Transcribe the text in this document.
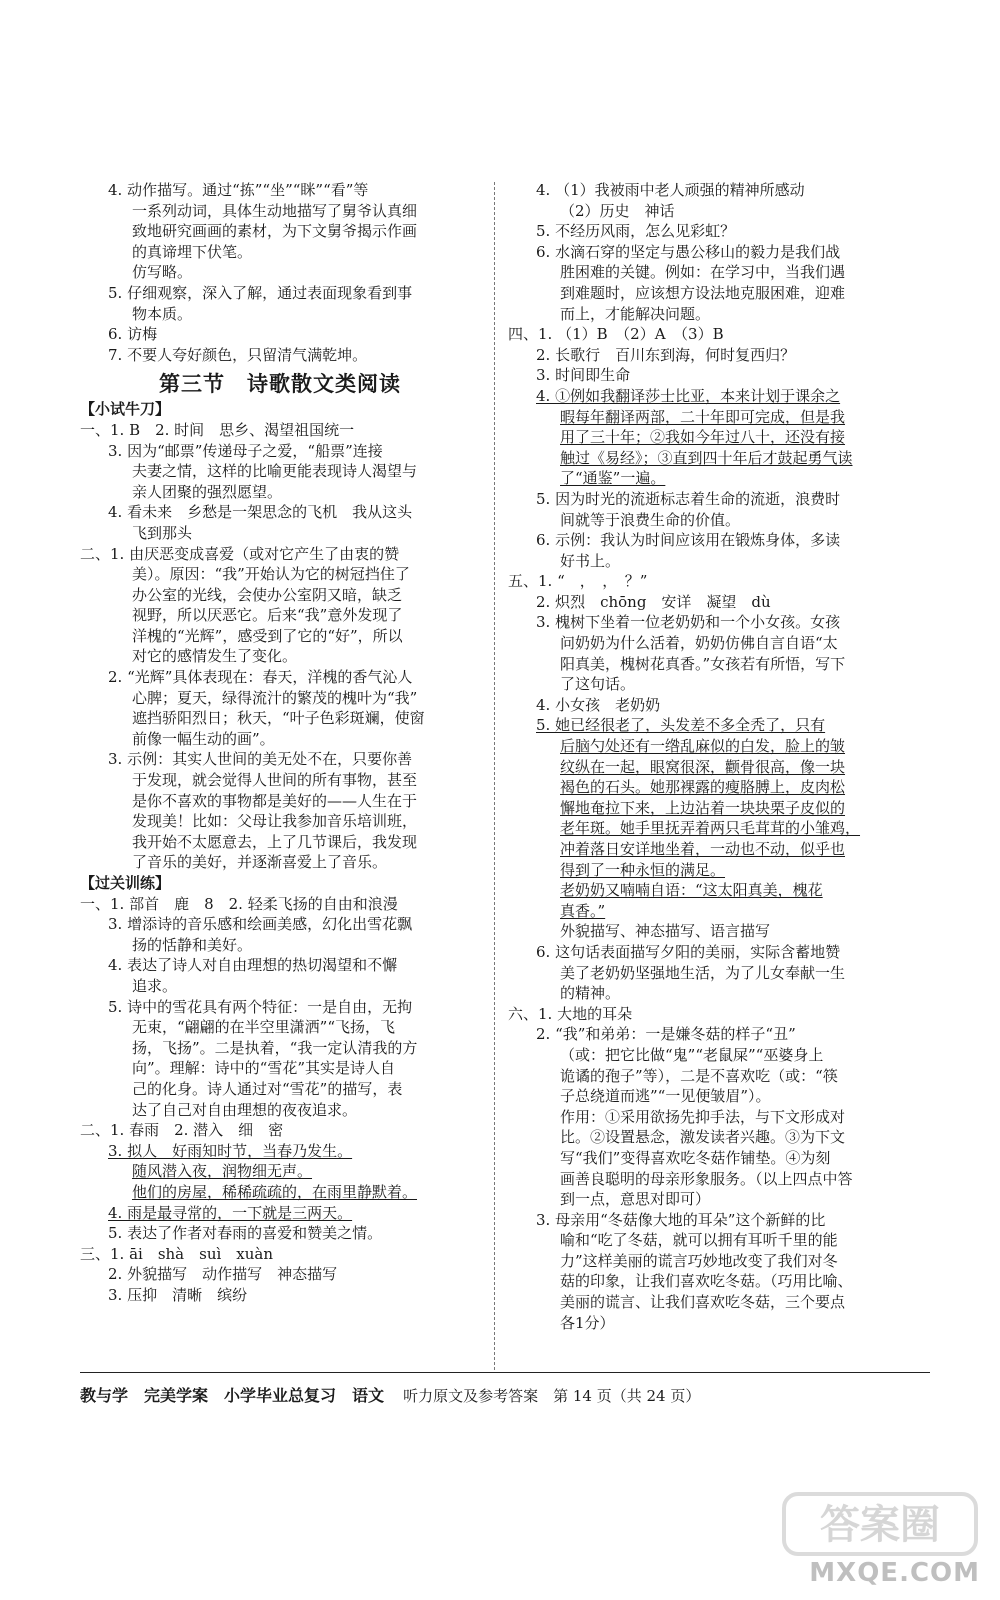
4. 动作描写。通过“拣”“坐”“眯”“看”等
一系列动词，具体生动地描写了舅爷认真细
致地研究画画的素材，为下文舅爷揭示作画
的真谛埋下伏笔。
仿写略。
5. 仔细观察，深入了解，通过表面现象看到事
物本质。
6. 访梅
7. 不要人夸好颜色，只留清气满乾坤。
第三节　诗歌散文类阅读
【小试牛刀】
一、1. B　2. 时间　思乡、渴望祖国统一
3. 因为“邮票”传递母子之爱，“船票”连接
夫妻之情，这样的比喻更能表现诗人渴望与
亲人团聚的强烈愿望。
4. 看未来　乡愁是一架思念的飞机　我从这头
飞到那头
二、1. 由厌恶变成喜爱（或对它产生了由衷的赞
美）。原因：“我”开始认为它的树冠挡住了
办公室的光线，会使办公室阴又暗，缺乏
视野，所以厌恶它。后来“我”意外发现了
洋槐的“光辉”，感受到了它的“好”，所以
对它的感情发生了变化。
2. “光辉”具体表现在：春天，洋槐的香气沁人
心脾；夏天，绿得流汁的繁茂的槐叶为“我”
遮挡骄阳烈日；秋天，“叶子色彩斑斓，使窗
前像一幅生动的画”。
3. 示例：其实人世间的美无处不在，只要你善
于发现，就会觉得人世间的所有事物，甚至
是你不喜欢的事物都是美好的——人生在于
发现美！比如：父母让我参加音乐培训班，
我开始不太愿意去，上了几节课后，我发现
了音乐的美好，并逐渐喜爱上了音乐。
【过关训练】
一、1. 部首　鹿　8　2. 轻柔飞扬的自由和浪漫
3. 增添诗的音乐感和绘画美感，幻化出雪花飘
扬的恬静和美好。
4. 表达了诗人对自由理想的热切渴望和不懈
追求。
5. 诗中的雪花具有两个特征：一是自由，无拘
无束，“翩翩的在半空里潇洒”“飞扬，飞
扬，飞扬”。二是执着，“我一定认清我的方
向”。理解：诗中的“雪花”其实是诗人自
己的化身。诗人通过对“雪花”的描写，表
达了自己对自由理想的夜夜追求。
二、1. 春雨　2. 潜入　细　密
3. 拟人　好雨知时节，当春乃发生。
随风潜入夜，润物细无声。
他们的房屋，稀稀疏疏的，在雨里静默着。
4. 雨是最寻常的，一下就是三两天。
5. 表达了作者对春雨的喜爱和赞美之情。
三、1. āi　shà　suì　xuàn
2. 外貌描写　动作描写　神态描写
3. 压抑　清晰　缤纷
4. （1）我被雨中老人顽强的精神所感动
（2）历史　神话
5. 不经历风雨，怎么见彩虹？
6. 水滴石穿的坚定与愚公移山的毅力是我们战
胜困难的关键。例如：在学习中，当我们遇
到难题时，应该想方设法地克服困难，迎难
而上，才能解决问题。
四、1. （1）B　（2）A　（3）B
2. 长歌行　百川东到海，何时复西归？
3. 时间即生命
4. ①例如我翻译莎士比亚，本来计划于课余之
暇每年翻译两部，二十年即可完成，但是我
用了三十年；②我如今年过八十，还没有接
触过《易经》；③直到四十年后才鼓起勇气读
了“通鉴”一遍。
5. 因为时光的流逝标志着生命的流逝，浪费时
间就等于浪费生命的价值。
6. 示例：我认为时间应该用在锻炼身体，多读
好书上。
五、1. “　，　，　？”
2. 炽烈　chōng　安详　凝望　dù
3. 槐树下坐着一位老奶奶和一个小女孩。女孩
问奶奶为什么活着，奶奶仿佛自言自语“太
阳真美，槐树花真香。”女孩若有所悟，写下
了这句话。
4. 小女孩　老奶奶
5. 她已经很老了，头发差不多全秃了，只有
后脑勺处还有一绺乱麻似的白发，脸上的皱
纹纵在一起，眼窝很深，颧骨很高，像一块
褐色的石头。她那裸露的瘦胳膊上，皮肉松
懈地奄拉下来，上边沾着一块块栗子皮似的
老年斑。她手里抚弄着两只毛茸茸的小雏鸡，
冲着落日安详地坐着，一动也不动，似乎也
得到了一种永恒的满足。
老奶奶又喃喃自语：“这太阳真美，槐花
真香。”
外貌描写、神态描写、语言描写
6. 这句话表面描写夕阳的美丽，实际含蓄地赞
美了老奶奶坚强地生活，为了儿女奉献一生
的精神。
六、1. 大地的耳朵
2. “我”和弟弟：一是嫌冬菇的样子“丑”
（或：把它比做“鬼”“老鼠屎”“巫婆身上
诡谲的孢子”等），二是不喜欢吃（或：“筷
子总绕道而逃”“一见便皱眉”）。
作用：①采用欲扬先抑手法，与下文形成对
比。②设置悬念，激发读者兴趣。③为下文
写“我们”变得喜欢吃冬菇作铺垫。④为刻
画善良聪明的母亲形象服务。（以上四点中答
到一点，意思对即可）
3. 母亲用“冬菇像大地的耳朵”这个新鲜的比
喻和“吃了冬菇，就可以拥有耳听千里的能
力”这样美丽的谎言巧妙地改变了我们对冬
菇的印象，让我们喜欢吃冬菇。（巧用比喻、
美丽的谎言、让我们喜欢吃冬菇，三个要点
各1分）
教与学　完美学案　小学毕业总复习　语文 听力原文及参考答案　第 14 页（共 24 页）
答案圈
MXQE.COM
